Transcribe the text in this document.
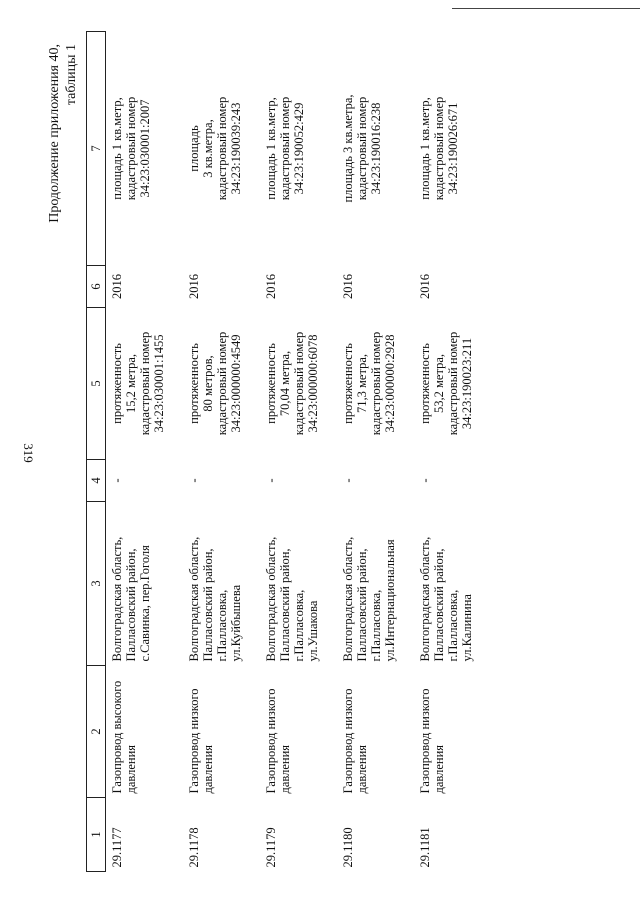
319
Продолжение приложения 40, таблицы 1
1	2	3	4	5	6	7

29.1177	Газопровод высокого давления	Волгоградская область, Палласовский район, с.Савинка, пер.Гоголя	-	протяженность 15,2 метра, кадастровый номер 34:23:030001:1455	2016	площадь 1 кв.метр, кадастровый номер 34:23:030001:2007

29.1178	Газопровод низкого давления	Волгоградская область, Палласовский район, г.Палласовка, ул.Куйбышева	-	протяженность 80 метров, кадастровый номер 34:23:000000:4549	2016	площадь 3 кв.метра, кадастровый номер 34:23:190039:243

29.1179	Газопровод низкого давления	Волгоградская область, Палласовский район, г.Палласовка, ул.Ушакова	-	протяженность 70,04 метра, кадастровый номер 34:23:000000:6078	2016	площадь 1 кв.метр, кадастровый номер 34:23:190052:429

29.1180	Газопровод низкого давления	Волгоградская область, Палласовский район, г.Палласовка, ул.Интернациональная	-	протяженность 71,3 метра, кадастровый номер 34:23:000000:2928	2016	площадь 3 кв.метра, кадастровый номер 34:23:190016:238

29.1181	Газопровод низкого давления	Волгоградская область, Палласовский район, г.Палласовка, ул.Калинина	-	протяженность 53,2 метра, кадастровый номер 34:23:190023:211	2016	площадь 1 кв.метр, кадастровый номер 34:23:190026:671
